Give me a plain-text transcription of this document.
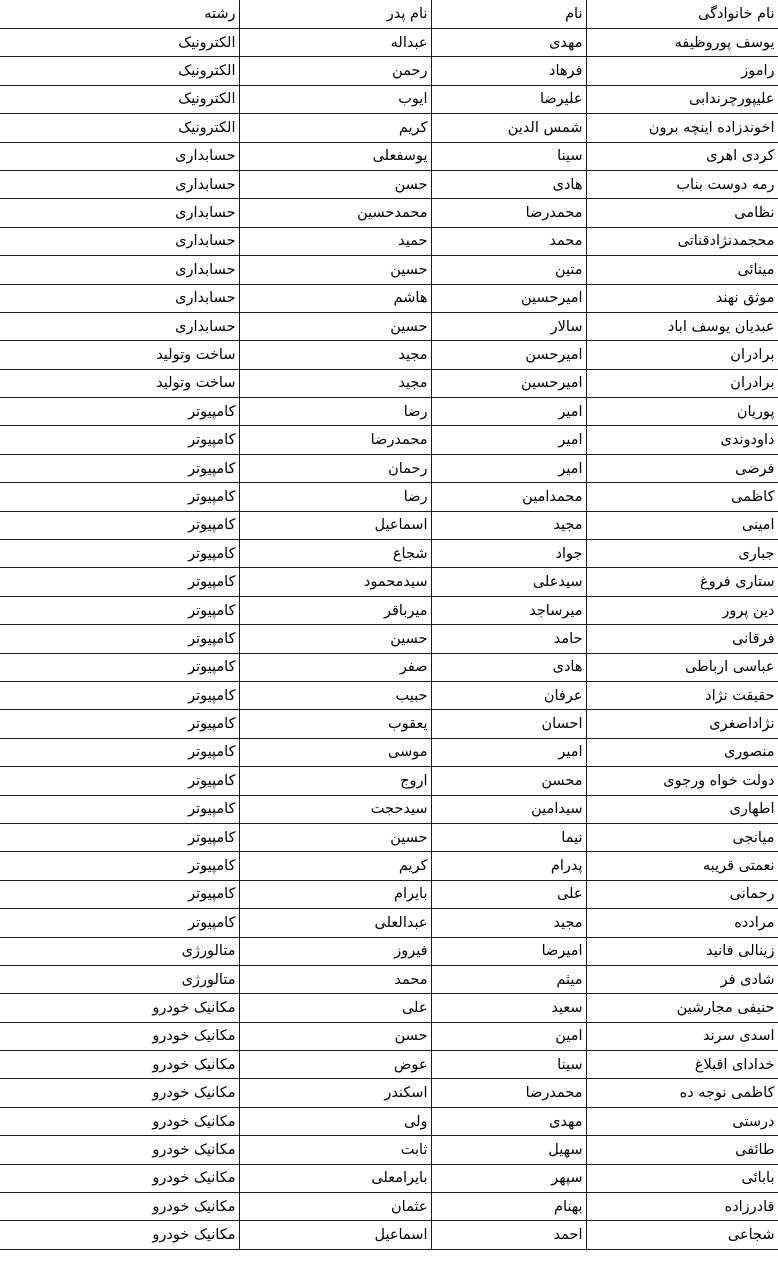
نام خانوادگی	نام	نام پدر	رشته
یوسف پوروظیفه	مهدی	عبداله	الکترونیک
راموز	فرهاد	رحمن	الکترونیک
علیپورچرندابی	علیرضا	ایوب	الکترونیک
اخوندزاده اینچه برون	شمس الدین	کریم	الکترونیک
کردی اهری	سینا	یوسفعلی	حسابداری
رمه دوست بناب	هادی	حسن	حسابداری
نظامی	محمدرضا	محمدحسین	حسابداری
محجمدنژادقناتی	محمد	حمید	حسابداری
مینائی	متین	حسین	حسابداری
موثق نهند	امیرحسین	هاشم	حسابداری
عبدیان یوسف اباد	سالار	حسین	حسابداری
برادران	امیرحسن	مجید	ساخت وتولید
برادران	امیرحسین	مجید	ساخت وتولید
پوریان	امیر	رضا	کامپیوتر
داودوندی	امیر	محمدرضا	کامپیوتر
فرضی	امیر	رحمان	کامپیوتر
کاظمی	محمدامین	رضا	کامپیوتر
امینی	مجید	اسماعیل	کامپیوتر
جباری	جواد	شجاع	کامپیوتر
ستاری فروغ	سیدعلی	سیدمحمود	کامپیوتر
دین پرور	میرساجد	میرباقر	کامپیوتر
فرقانی	حامد	حسین	کامپیوتر
عباسی ارباطی	هادی	صفر	کامپیوتر
حقیقت نژاد	عرفان	حبیب	کامپیوتر
نژاداصغری	احسان	یعقوب	کامپیوتر
منصوری	امیر	موسی	کامپیوتر
دولت خواه ورجوی	محسن	اروج	کامپیوتر
اطهاری	سیدامین	سیدحجت	کامپیوتر
میانجی	نیما	حسین	کامپیوتر
نعمتی قریبه	پدرام	کریم	کامپیوتر
رحمانی	علی	بایرام	کامپیوتر
مرادده	مجید	عبدالعلی	کامپیوتر
زینالی فانید	امیرضا	فیروز	متالورژی
شادی فر	میثم	محمد	متالورژی
حنیفی مجارشین	سعید	علی	مکانیک خودرو
اسدی سرند	امین	حسن	مکانیک خودرو
خدادای اقبلاغ	سینا	عوض	مکانیک خودرو
کاظمی نوجه ده	محمدرضا	اسکندر	مکانیک خودرو
درستی	مهدی	ولی	مکانیک خودرو
طائفی	سهیل	ثابت	مکانیک خودرو
بابائی	سپهر	بایرامعلی	مکانیک خودرو
قادرزاده	بهنام	عثمان	مکانیک خودرو
شجاعی	احمد	اسماعیل	مکانیک خودرو
